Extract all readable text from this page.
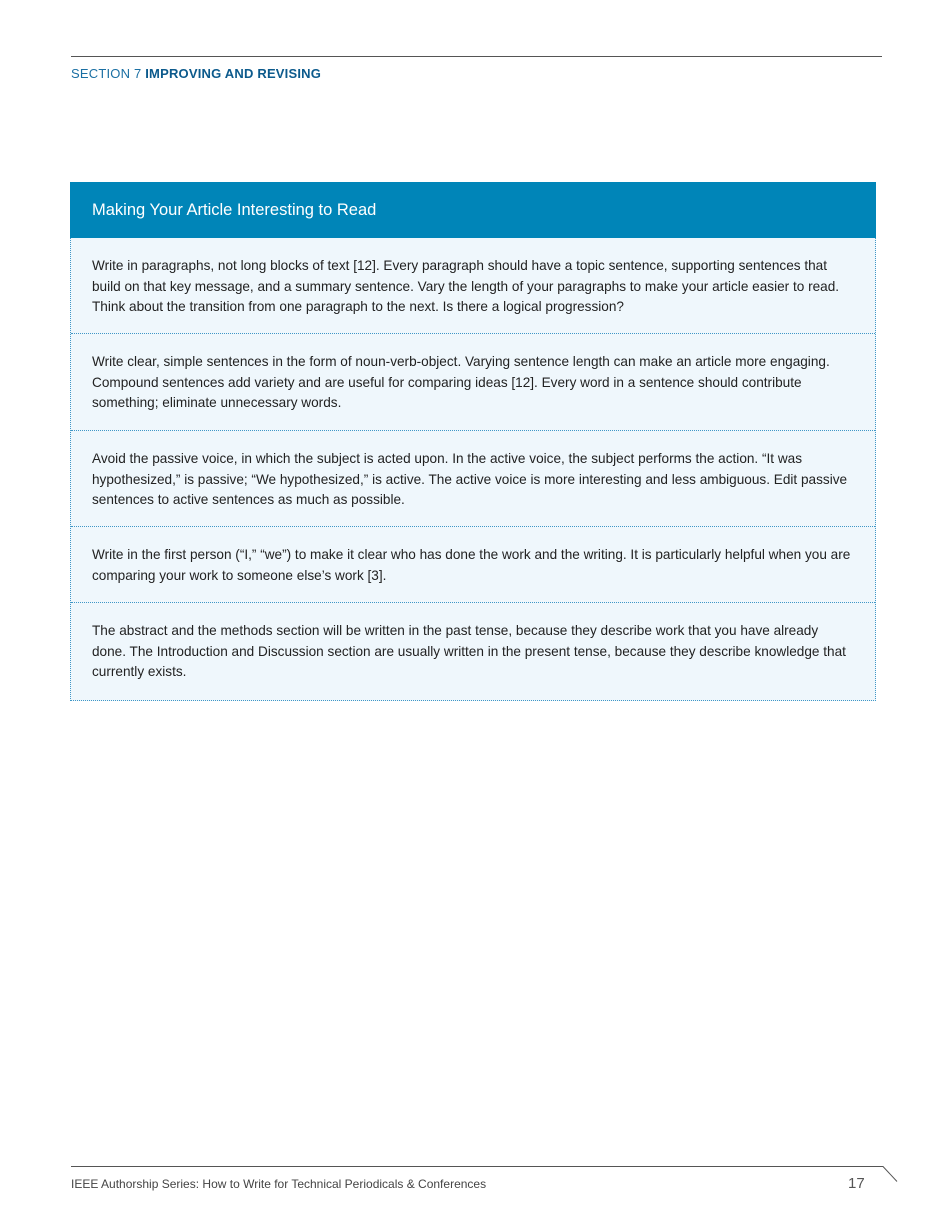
SECTION 7 IMPROVING AND REVISING
Making Your Article Interesting to Read
Write in paragraphs, not long blocks of text [12]. Every paragraph should have a topic sentence, supporting sentences that build on that key message, and a summary sentence. Vary the length of your paragraphs to make your article easier to read. Think about the transition from one paragraph to the next. Is there a logical progression?
Write clear, simple sentences in the form of noun-verb-object. Varying sentence length can make an article more engaging. Compound sentences add variety and are useful for comparing ideas [12]. Every word in a sentence should contribute something; eliminate unnecessary words.
Avoid the passive voice, in which the subject is acted upon. In the active voice, the subject performs the action. “It was hypothesized,” is passive; “We hypothesized,” is active. The active voice is more interesting and less ambiguous. Edit passive sentences to active sentences as much as possible.
Write in the first person (“I,” “we”) to make it clear who has done the work and the writing. It is particularly helpful when you are comparing your work to someone else’s work [3].
The abstract and the methods section will be written in the past tense, because they describe work that you have already done. The Introduction and Discussion section are usually written in the present tense, because they describe knowledge that currently exists.
IEEE Authorship Series: How to Write for Technical Periodicals & Conferences	17
